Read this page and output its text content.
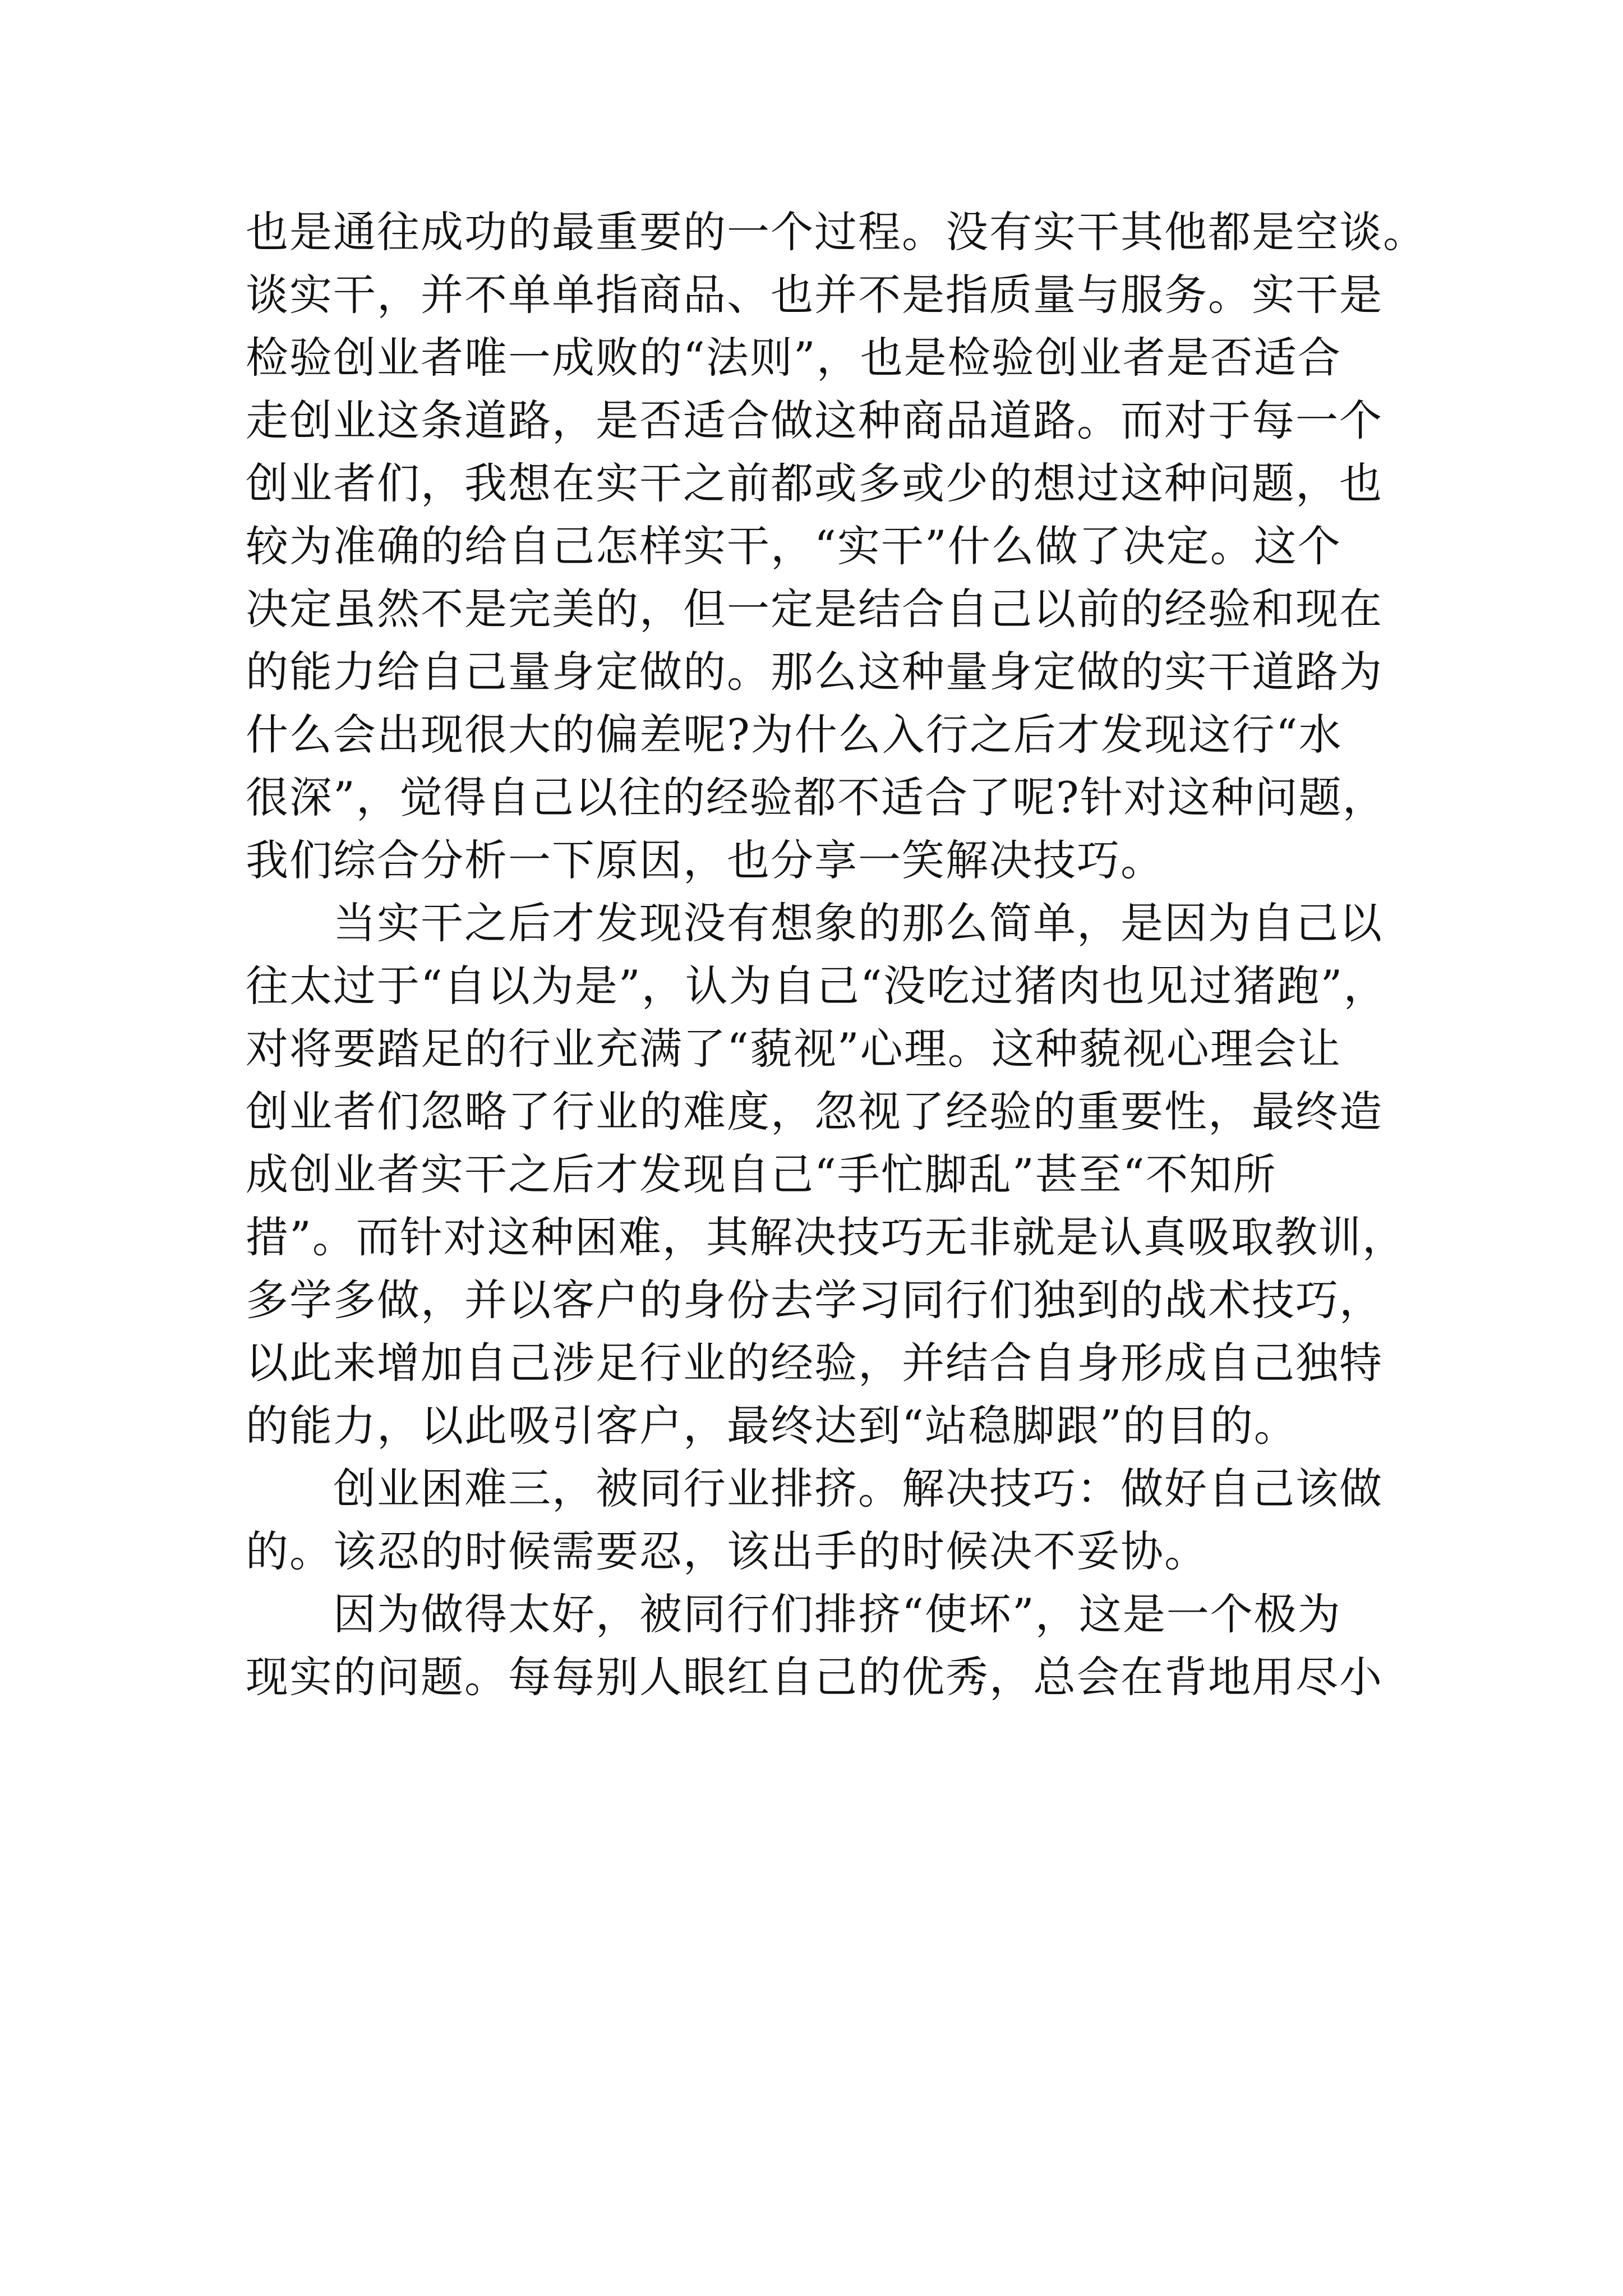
也是通往成功的最重要的一个过程。没有实干其他都是空谈。
谈实干，并不单单指商品、也并不是指质量与服务。实干是
检验创业者唯一成败的“法则”，也是检验创业者是否适合
走创业这条道路，是否适合做这种商品道路。而对于每一个
创业者们，我想在实干之前都或多或少的想过这种问题，也
较为准确的给自己怎样实干，“实干”什么做了决定。这个
决定虽然不是完美的，但一定是结合自己以前的经验和现在
的能力给自己量身定做的。那么这种量身定做的实干道路为
什么会出现很大的偏差呢?为什么入行之后才发现这行“水
很深”，觉得自己以往的经验都不适合了呢?针对这种问题，
我们综合分析一下原因，也分享一笑解决技巧。
当实干之后才发现没有想象的那么简单，是因为自己以
往太过于“自以为是”，认为自己“没吃过猪肉也见过猪跑”，
对将要踏足的行业充满了“藐视”心理。这种藐视心理会让
创业者们忽略了行业的难度，忽视了经验的重要性，最终造
成创业者实干之后才发现自己“手忙脚乱”甚至“不知所
措”。而针对这种困难，其解决技巧无非就是认真吸取教训，
多学多做，并以客户的身份去学习同行们独到的战术技巧，
以此来增加自己涉足行业的经验，并结合自身形成自己独特
的能力，以此吸引客户，最终达到“站稳脚跟”的目的。
创业困难三，被同行业排挤。解决技巧：做好自己该做
的。该忍的时候需要忍，该出手的时候决不妥协。
因为做得太好，被同行们排挤“使坏”，这是一个极为
现实的问题。每每别人眼红自己的优秀，总会在背地用尽小
